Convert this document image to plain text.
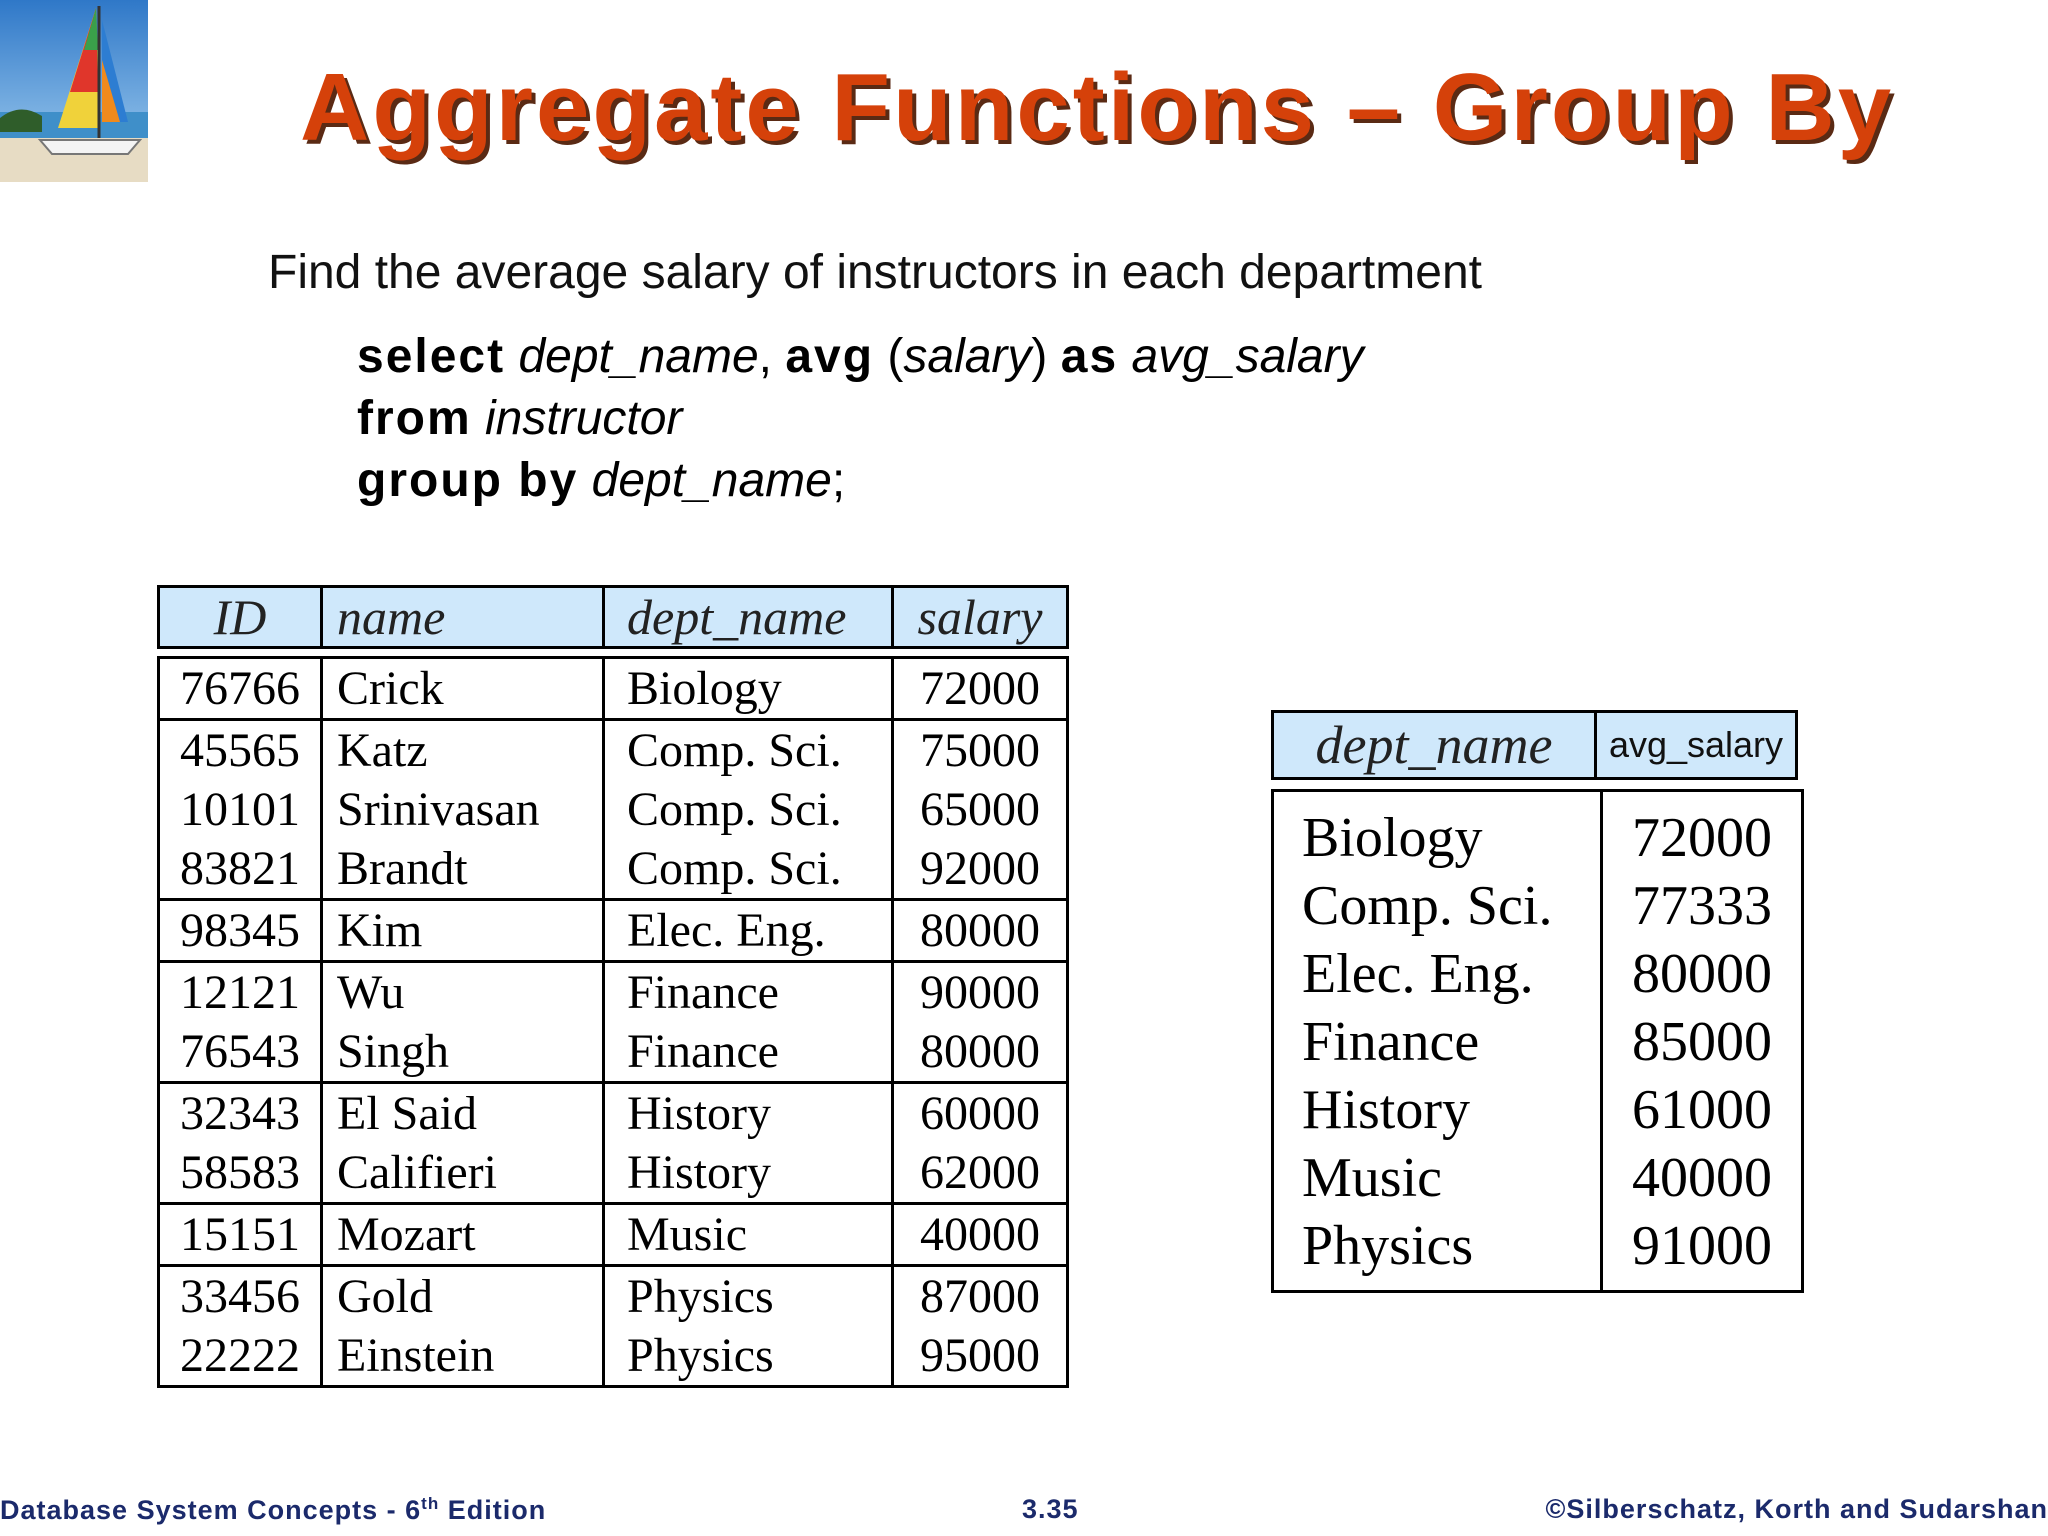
Aggregate Functions – Group By
Find the average salary of instructors in each department
select dept_name, avg (salary) as avg_salary
from instructor
group by dept_name;
ID	name	dept_name	salary
76766	Crick	Biology	72000
45565	Katz	Comp. Sci.	75000
10101	Srinivasan	Comp. Sci.	65000
83821	Brandt	Comp. Sci.	92000
98345	Kim	Elec. Eng.	80000
12121	Wu	Finance	90000
76543	Singh	Finance	80000
32343	El Said	History	60000
58583	Califieri	History	62000
15151	Mozart	Music	40000
33456	Gold	Physics	87000
22222	Einstein	Physics	95000
dept_name	avg_salary
Biology	72000
Comp. Sci.	77333
Elec. Eng.	80000
Finance	85000
History	61000
Music	40000
Physics	91000
Database System Concepts - 6th Edition	3.35	©Silberschatz, Korth and Sudarshan
